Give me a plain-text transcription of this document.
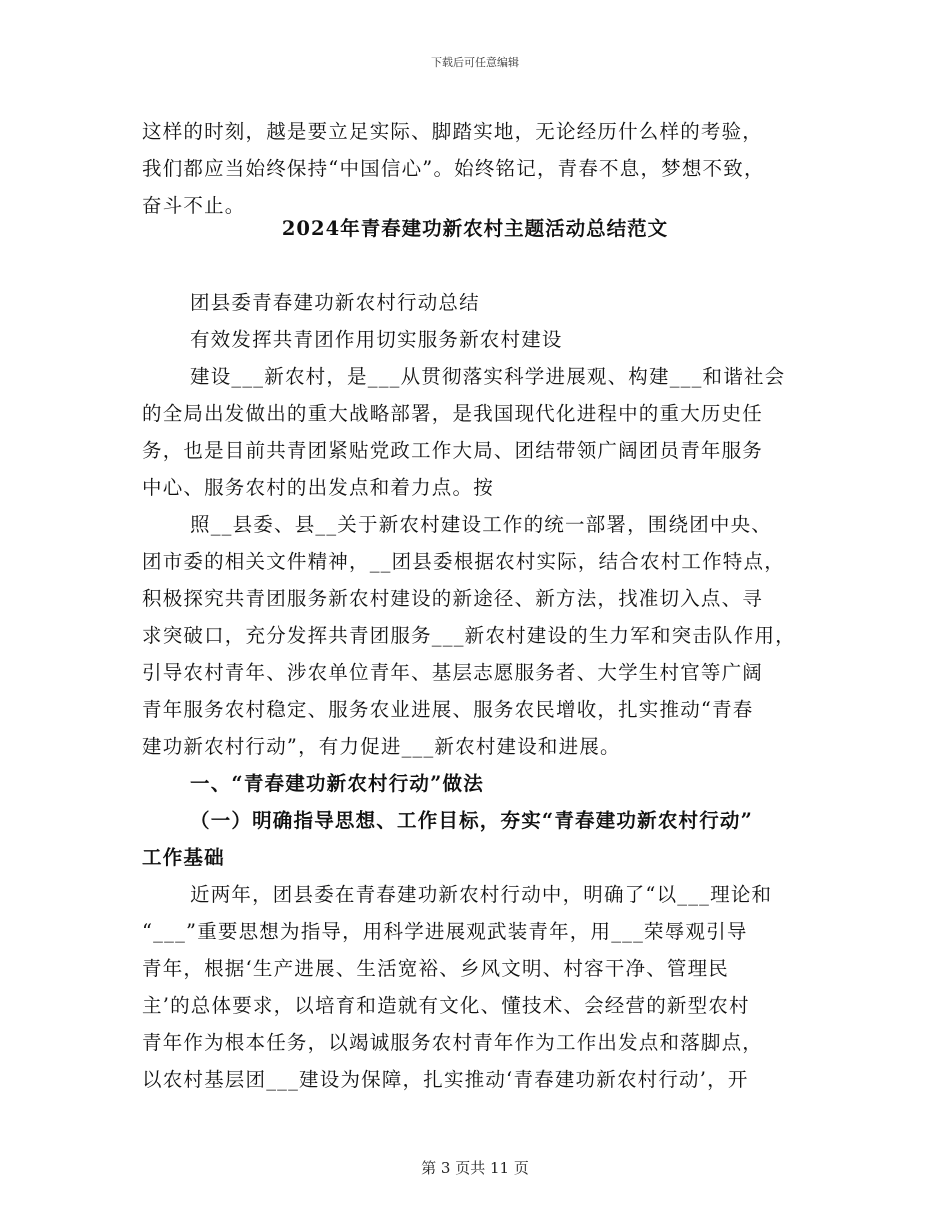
下载后可任意编辑
这样的时刻，越是要立足实际、脚踏实地，无论经历什么样的考验，
我们都应当始终保持“中国信心”。始终铭记，青春不息，梦想不致，
奋斗不止。
2024年青春建功新农村主题活动总结范文
团县委青春建功新农村行动总结
有效发挥共青团作用切实服务新农村建设
建设___新农村，是___从贯彻落实科学进展观、构建___和谐社会
的全局出发做出的重大战略部署，是我国现代化进程中的重大历史任
务，也是目前共青团紧贴党政工作大局、团结带领广阔团员青年服务
中心、服务农村的出发点和着力点。按
照__县委、县__关于新农村建设工作的统一部署，围绕团中央、
团市委的相关文件精神，__团县委根据农村实际，结合农村工作特点，
积极探究共青团服务新农村建设的新途径、新方法，找准切入点、寻
求突破口，充分发挥共青团服务___新农村建设的生力军和突击队作用，
引导农村青年、涉农单位青年、基层志愿服务者、大学生村官等广阔
青年服务农村稳定、服务农业进展、服务农民增收，扎实推动“青春
建功新农村行动”，有力促进___新农村建设和进展。
一、“青春建功新农村行动”做法
（一）明确指导思想、工作目标，夯实“青春建功新农村行动”
工作基础
近两年，团县委在青春建功新农村行动中，明确了“以___理论和
“___”重要思想为指导，用科学进展观武装青年，用___荣辱观引导
青年，根据‘生产进展、生活宽裕、乡风文明、村容干净、管理民
主’的总体要求，以培育和造就有文化、懂技术、会经营的新型农村
青年作为根本任务，以竭诚服务农村青年作为工作出发点和落脚点，
以农村基层团___建设为保障，扎实推动‘青春建功新农村行动’，开
第 3 页共 11 页
